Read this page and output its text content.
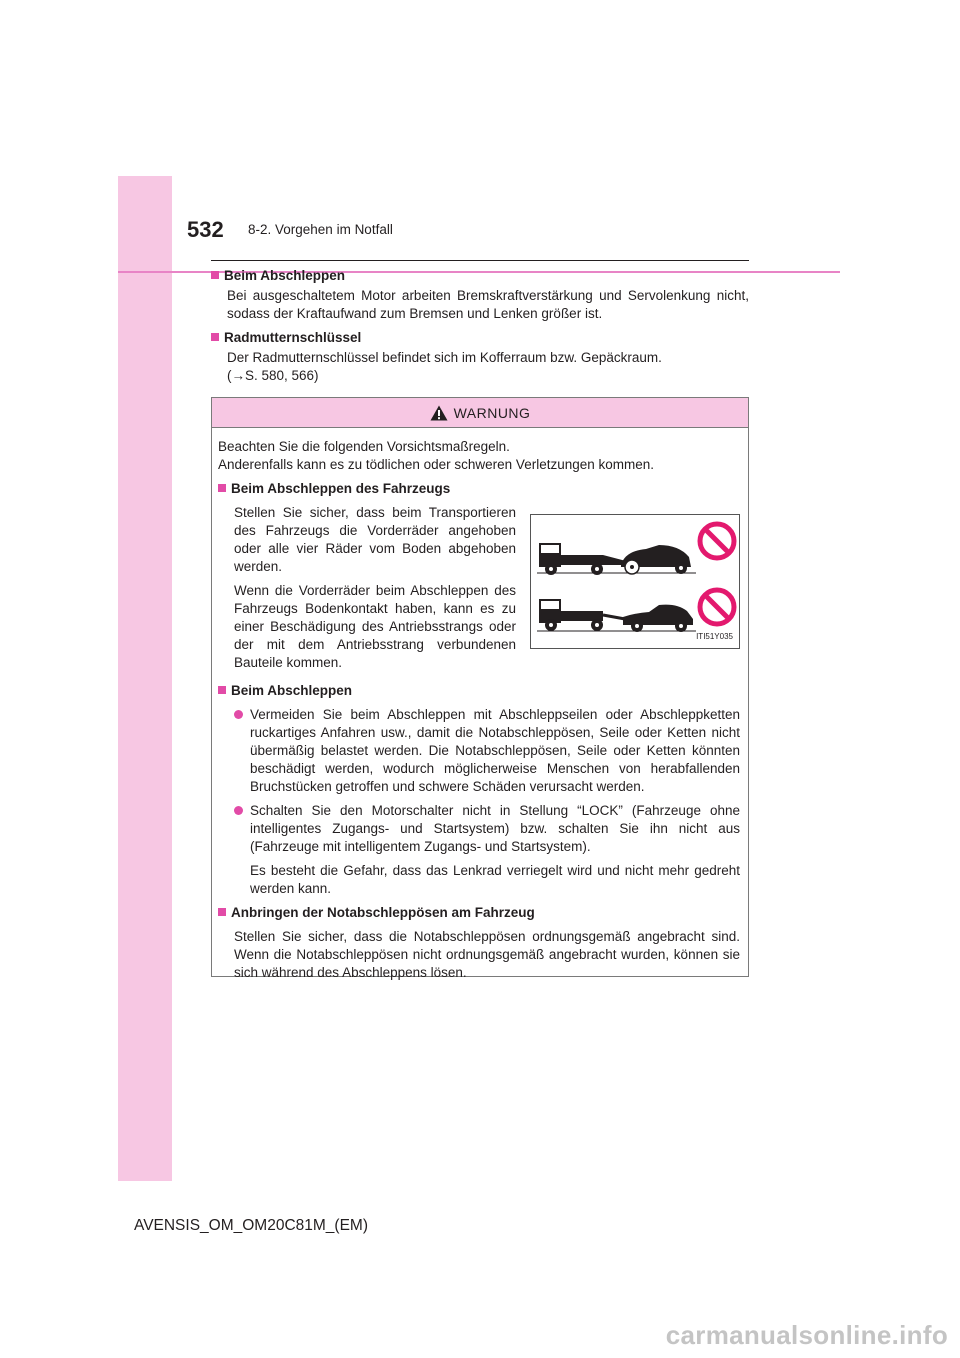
532 8-2. Vorgehen im Notfall
Beim Abschleppen
Bei ausgeschaltetem Motor arbeiten Bremskraftverstärkung und Servolenkung nicht, sodass der Kraftaufwand zum Bremsen und Lenken größer ist.
Radmutternschlüssel
Der Radmutternschlüssel befindet sich im Kofferraum bzw. Gepäckraum.
(→S. 580, 566)
WARNUNG
Beachten Sie die folgenden Vorsichtsmaßregeln.
Anderenfalls kann es zu tödlichen oder schweren Verletzungen kommen.
Beim Abschleppen des Fahrzeugs

Stellen Sie sicher, dass beim Transportieren des Fahrzeugs die Vorderräder angehoben oder alle vier Räder vom Boden abgehoben werden.

Wenn die Vorderräder beim Abschleppen des Fahrzeugs Bodenkontakt haben, kann es zu einer Beschädigung des Antriebsstrangs oder der mit dem Antriebsstrang verbundenen Bauteile kommen.

ITI51Y035
Beim Abschleppen
Vermeiden Sie beim Abschleppen mit Abschleppseilen oder Abschleppketten ruckartiges Anfahren usw., damit die Notabschleppösen, Seile oder Ketten nicht übermäßig belastet werden. Die Notabschleppösen, Seile oder Ketten könnten beschädigt werden, wodurch möglicherweise Menschen von herabfallenden Bruchstücken getroffen und schwere Schäden verursacht werden.
Schalten Sie den Motorschalter nicht in Stellung “LOCK” (Fahrzeuge ohne intelligentes Zugangs- und Startsystem) bzw. schalten Sie ihn nicht aus (Fahrzeuge mit intelligentem Zugangs- und Startsystem).
Es besteht die Gefahr, dass das Lenkrad verriegelt wird und nicht mehr gedreht werden kann.
Anbringen der Notabschleppösen am Fahrzeug
Stellen Sie sicher, dass die Notabschleppösen ordnungsgemäß angebracht sind. Wenn die Notabschleppösen nicht ordnungsgemäß angebracht wurden, können sie sich während des Abschleppens lösen.
AVENSIS_OM_OM20C81M_(EM)
carmanualsonline.info
